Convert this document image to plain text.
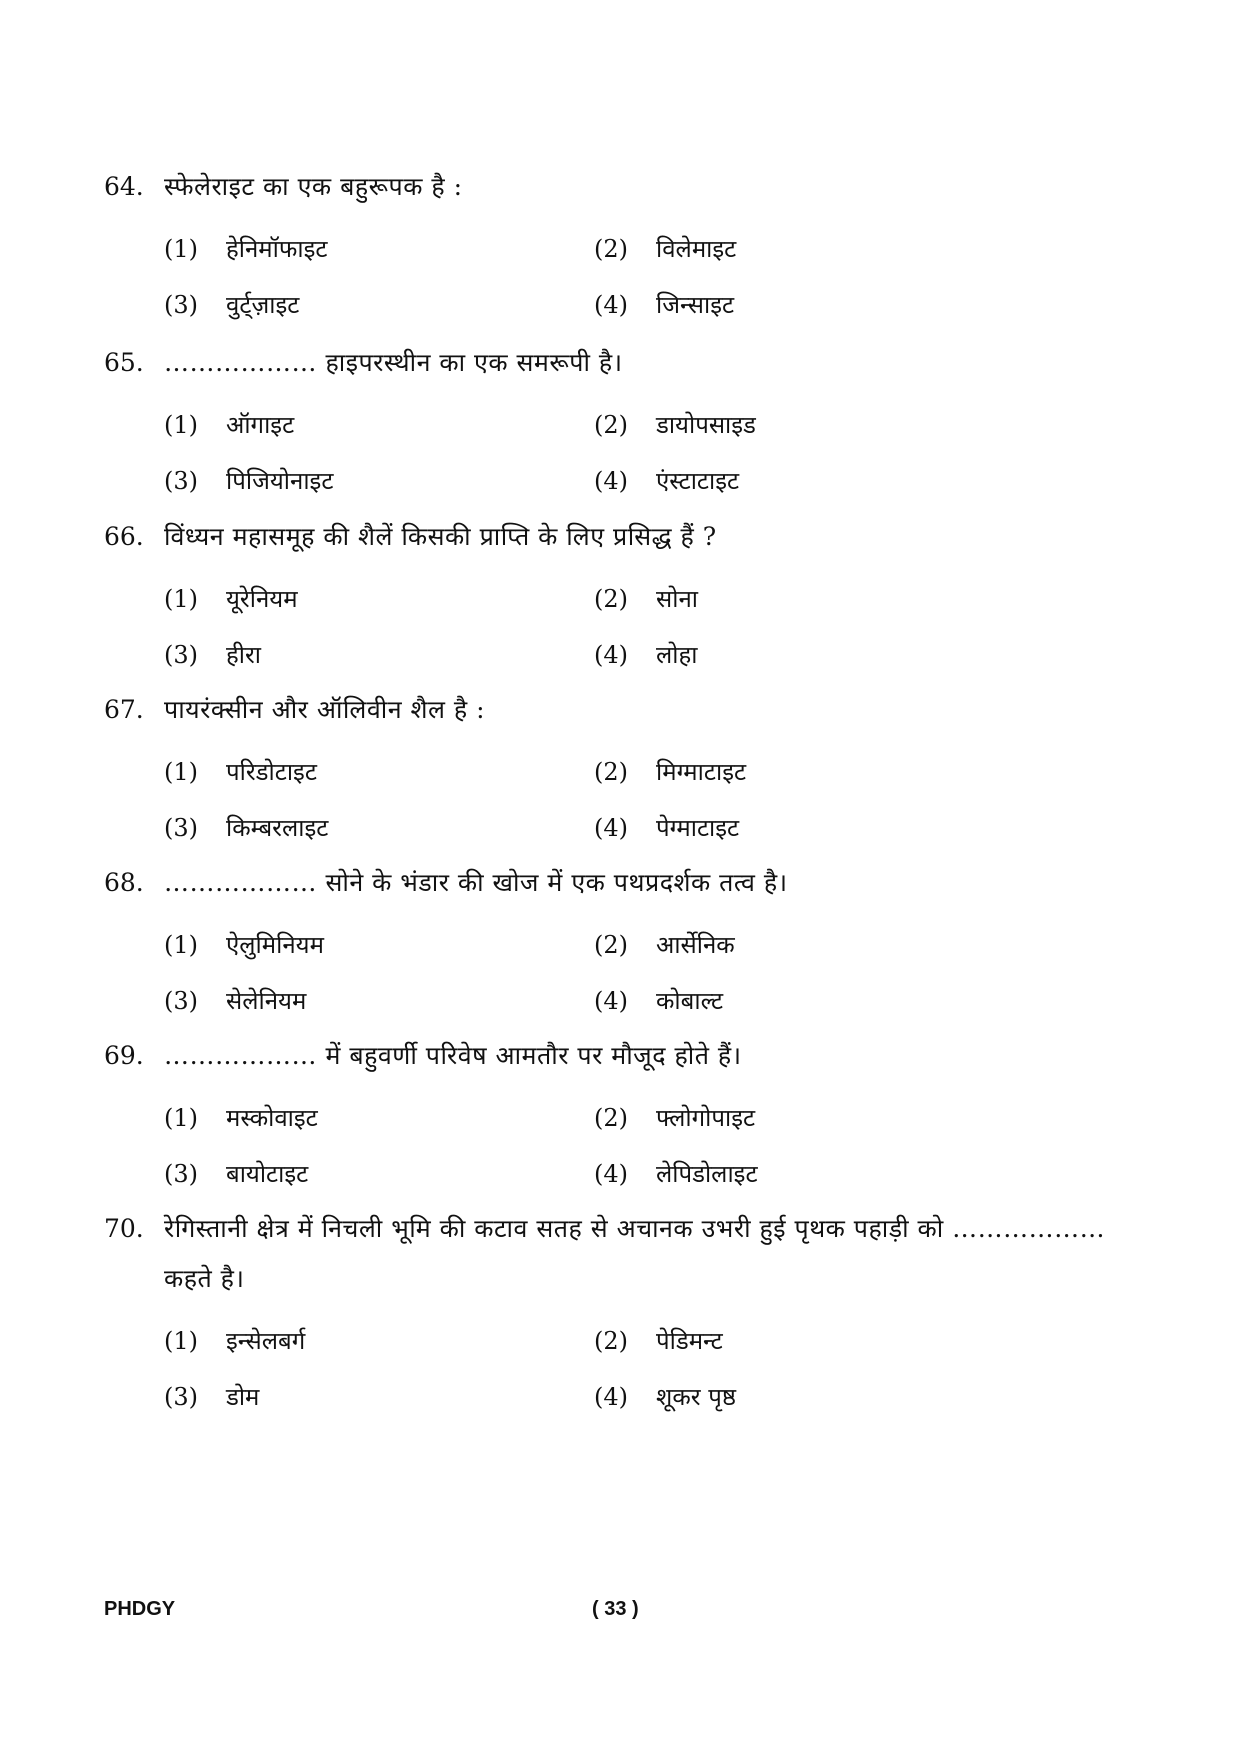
64. स्फेलेराइट का एक बहुरूपक है :
(1)	हेनिमॉफाइट	(2)	विलेमाइट
(3)	वुर्ट्ज़ाइट	(4)	जिन्साइट
65. ……………… हाइपरस्थीन का एक समरूपी है।
(1)	ऑगाइट	(2)	डायोपसाइड
(3)	पिजियोनाइट	(4)	एंस्टाटाइट
66. विंध्यन महासमूह की शैलें किसकी प्राप्ति के लिए प्रसिद्ध हैं ?
(1)	यूरेनियम	(2)	सोना
(3)	हीरा	(4)	लोहा
67. पायरंक्सीन और ऑलिवीन शैल है :
(1)	परिडोटाइट	(2)	मिग्माटाइट
(3)	किम्बरलाइट	(4)	पेग्माटाइट
68. ……………… सोने के भंडार की खोज में एक पथप्रदर्शक तत्व है।
(1)	ऐलुमिनियम	(2)	आर्सेनिक
(3)	सेलेनियम	(4)	कोबाल्ट
69. ……………… में बहुवर्णी परिवेष आमतौर पर मौजूद होते हैं।
(1)	मस्कोवाइट	(2)	फ्लोगोपाइट
(3)	बायोटाइट	(4)	लेपिडोलाइट
70. रेगिस्तानी क्षेत्र में निचली भूमि की कटाव सतह से अचानक उभरी हुई पृथक पहाड़ी को ……………… कहते है।
(1)	इन्सेलबर्ग	(2)	पेडिमन्ट
(3)	डोम	(4)	शूकर पृष्ठ
PHDGY	( 33 )
